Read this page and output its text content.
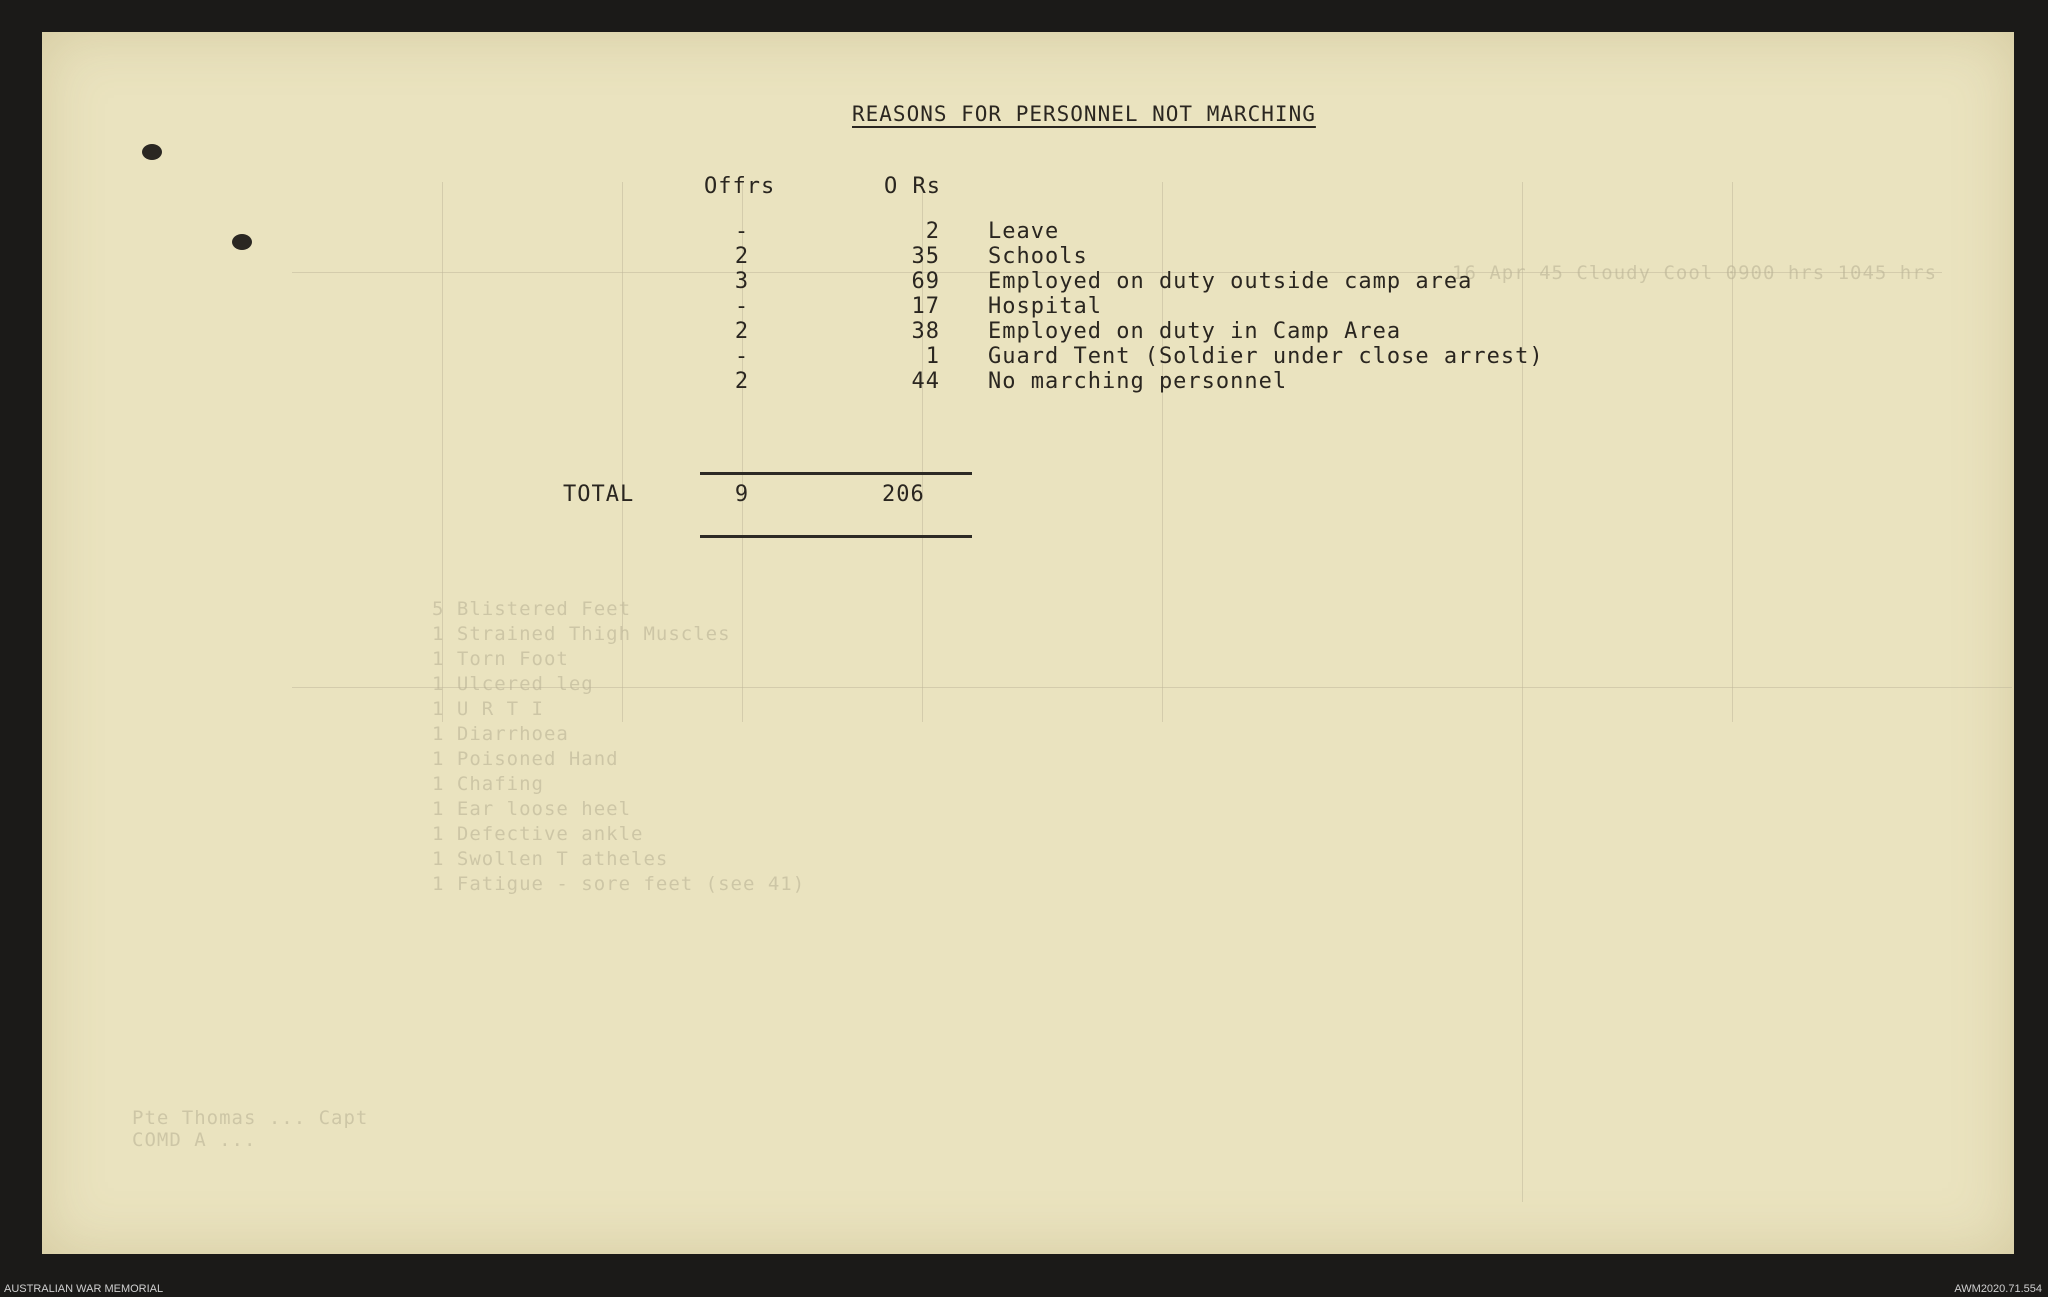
16 Apr 45 Cloudy Cool 0900 hrs 1045 hrs
5 Blistered Feet
1 Strained Thigh Muscles
1 Torn Foot
1 Ulcered leg
1 U R T I
1 Diarrhoea
1 Poisoned Hand
1 Chafing
1 Ear loose heel
1 Defective ankle
1 Swollen T atheles
1 Fatigue - sore feet (see 41)
Pte Thomas ... Capt
COMD A ...
REASONS FOR PERSONNEL NOT MARCHING
Offrs	O Rs
-	2 Leave
2	35 Schools
3	69 Employed on duty outside camp area
-	17 Hospital
2	38 Employed on duty in Camp Area
-	1 Guard Tent (Soldier under close arrest)
2	44 No marching personnel
TOTAL	9	206
AUSTRALIAN WAR MEMORIAL	AWM2020.71.554
